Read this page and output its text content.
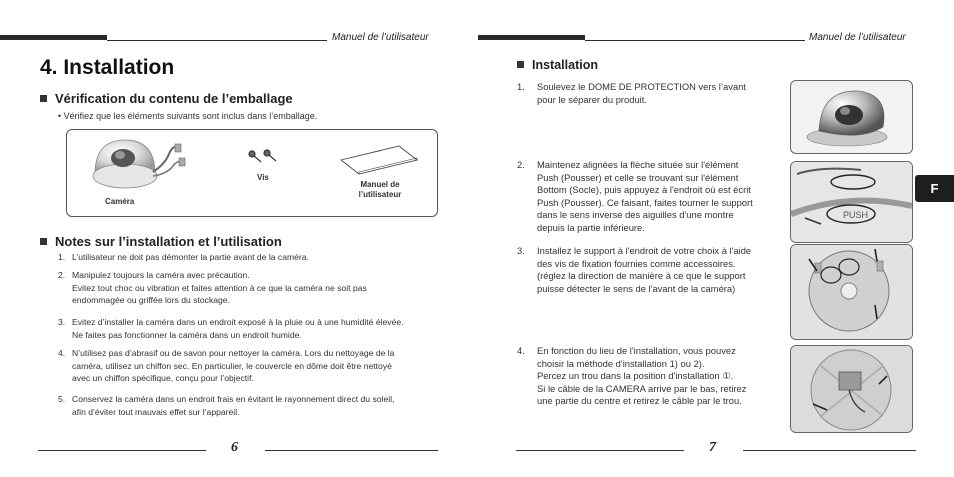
Manuel de l’utilisateur
4. Installation
Vérification du contenu de l’emballage
• Vérifiez que les éléments suivants sont inclus dans l’emballage.
Caméra
Vis
Manuel de
l’utilisateur
Notes sur l’installation et l’utilisation
1. L’utilisateur ne doit pas démonter la partie avant de la caméra.
2. Manipulez toujours la caméra avec précaution.
Evitez tout choc ou vibration et faites attention à ce que la caméra ne soit pas
endommagée ou griffée lors du stockage.
3. Evitez d’installer la caméra dans un endroit exposé à la pluie ou à une humidité élevée.
Ne faites pas fonctionner la caméra dans un endroit humide.
4. N’utilisez pas d’abrasif ou de savon pour nettoyer la caméra. Lors du nettoyage de la
caméra, utilisez un chiffon sec. En particulier, le couvercle en dôme doit être nettoyé
avec un chiffon spécifique, conçu pour l’objectif.
5. Conservez la caméra dans un endroit frais en évitant le rayonnement direct du soleil,
afin d’éviter tout mauvais effet sur l’appareil.
6
Manuel de l’utilisateur
Installation
1. Soulevez le DOME DE PROTECTION vers l’avant
pour le séparer du produit.
2. Maintenez alignées la flèche située sur l'élément
Push (Pousser) et celle se trouvant sur l'élément
Bottom (Socle), puis appuyez à l'endroit où est écrit
Push (Pousser). Ce faisant, faites tourner le support
dans le sens inverse des aiguilles d'une montre
depuis la partie inférieure.
3. Installez le support à l'endroit de votre choix à l'aide
des vis de fixation fournies comme accessoires.
(réglez la direction de manière à ce que le support
puisse détecter le sens de l'avant de la caméra)
4. En fonction du lieu de l'installation, vous pouvez
choisir la méthode d'installation 1) ou 2).
Percez un trou dans la position d'installation ①.
Si le câble de la CAMERA arrive par le bas, retirez
une partie du centre et retirez le câble par le trou.
PUSH
F
7
